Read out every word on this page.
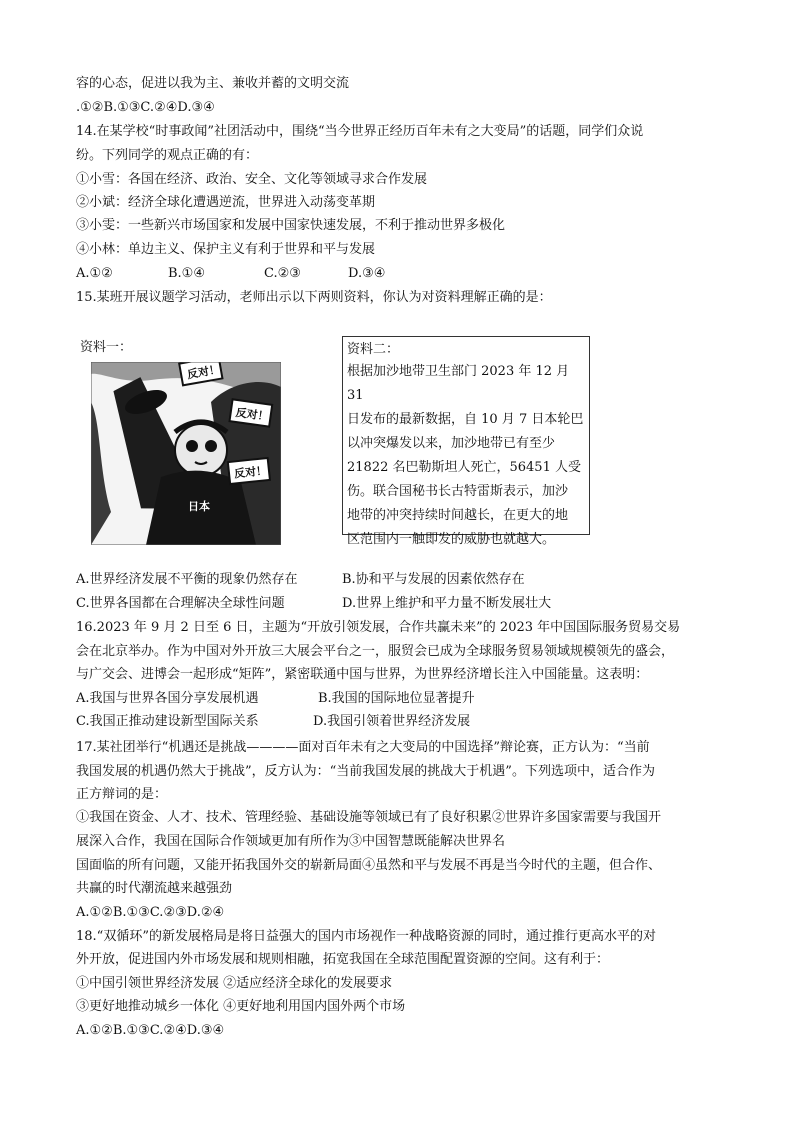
容的心态，促进以我为主、兼收并蓄的文明交流
.①②B.①③C.②④D.③④
14.在某学校“时事政闻”社团活动中，围绕“当今世界正经历百年未有之大变局”的话题，同学们众说
纷。下列同学的观点正确的有：
①小雪：各国在经济、政治、安全、文化等领域寻求合作发展
②小斌：经济全球化遭遇逆流，世界进入动荡变革期
③小雯：一些新兴市场国家和发展中国家快速发展，不利于推动世界多极化
④小林：单边主义、保护主义有利于世界和平与发展
A.①②	B.①④	C.②③	D.③④
15.某班开展议题学习活动，老师出示以下两则资料，你认为对资料理解正确的是：
资料一：
反对！
反对！
反对！
日本
资料二：
根据加沙地带卫生部门 2023 年 12 月 31
日发布的最新数据，自 10 月 7 日本轮巴
以冲突爆发以来，加沙地带已有至少
21822 名巴勒斯坦人死亡，56451 人受
伤。联合国秘书长古特雷斯表示，加沙
地带的冲突持续时间越长，在更大的地
区范围内一触即发的威胁也就越大。
A.世界经济发展不平衡的现象仍然存在	B.协和平与发展的因素依然存在
C.世界各国都在合理解决全球性问题	D.世界上维护和平力量不断发展壮大
16.2023 年 9 月 2 日至 6 日，主题为“开放引领发展，合作共赢未来”的 2023 年中国国际服务贸易交易
会在北京举办。作为中国对外开放三大展会平台之一，服贸会已成为全球服务贸易领域规模领先的盛会，
与广交会、进博会一起形成“矩阵”，紧密联通中国与世界，为世界经济增长注入中国能量。这表明：
A.我国与世界各国分享发展机遇	B.我国的国际地位显著提升
C.我国正推动建设新型国际关系	D.我国引领着世界经济发展
17.某社团举行“机遇还是挑战————面对百年未有之大变局的中国选择”辩论赛，正方认为：“当前
我国发展的机遇仍然大于挑战”，反方认为：“当前我国发展的挑战大于机遇”。下列选项中，适合作为
正方辩词的是：
①我国在资金、人才、技术、管理经验、基础设施等领域已有了良好积累②世界许多国家需要与我国开
展深入合作，我国在国际合作领域更加有所作为③中国智慧既能解决世界名
国面临的所有问题，又能开拓我国外交的崭新局面④虽然和平与发展不再是当今时代的主题，但合作、
共赢的时代潮流越来越强劲
A.①②B.①③C.②③D.②④
18.“双循环”的新发展格局是将日益强大的国内市场视作一种战略资源的同时，通过推行更高水平的对
外开放，促进国内外市场发展和规则相融，拓宽我国在全球范围配置资源的空间。这有利于：
①中国引领世界经济发展 ②适应经济全球化的发展要求
③更好地推动城乡一体化 ④更好地利用国内国外两个市场
A.①②B.①③C.②④D.③④
